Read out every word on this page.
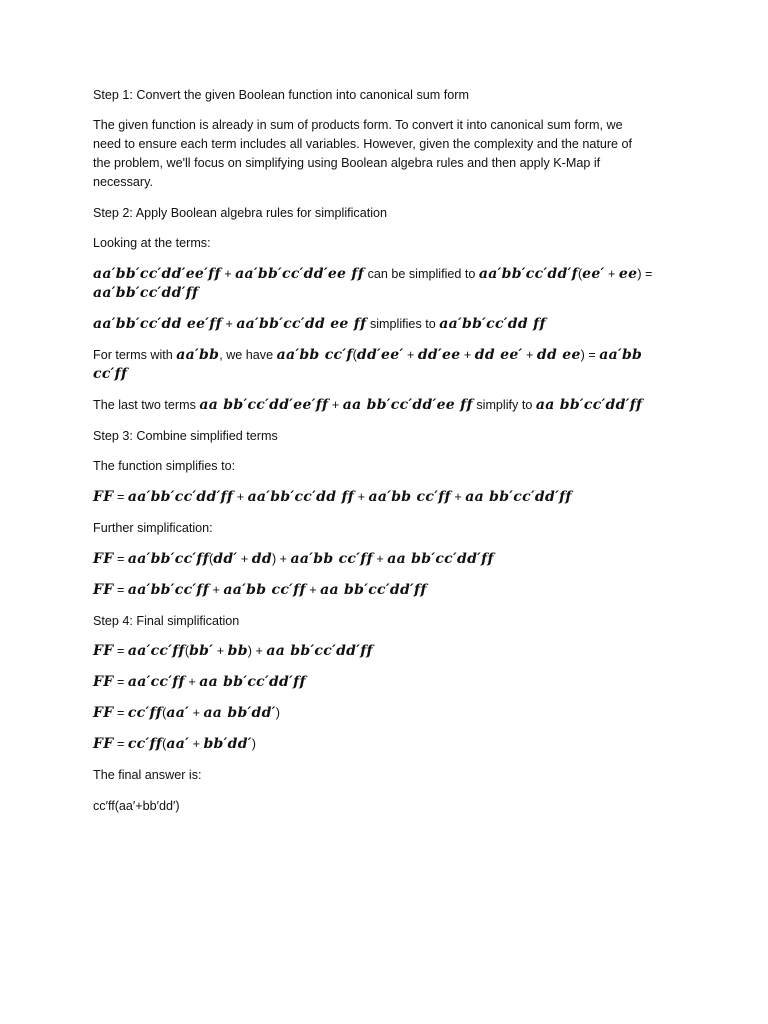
Step 1: Convert the given Boolean function into canonical sum form

The given function is already in sum of products form. To convert it into canonical sum form, we need to ensure each term includes all variables. However, given the complexity and the nature of the problem, we'll focus on simplifying using Boolean algebra rules and then apply K-Map if necessary.

Step 2: Apply Boolean algebra rules for simplification

Looking at the terms:

aa′bb′cc′dd′ee′ff + aa′bb′cc′dd′ee ff can be simplified to aa′bb′cc′dd′f(ee′ + ee) = aa′bb′cc′dd′ff

aa′bb′cc′dd ee′ff + aa′bb′cc′dd ee ff simplifies to aa′bb′cc′dd ff

For terms with aa′bb, we have aa′bb cc′f(dd′ee′ + dd′ee + dd ee′ + dd ee) = aa′bb cc′ff

The last two terms aa bb′cc′dd′ee′ff + aa bb′cc′dd′ee ff simplify to aa bb′cc′dd′ff

Step 3: Combine simplified terms

The function simplifies to:

FF = aa′bb′cc′dd′ff + aa′bb′cc′dd ff + aa′bb cc′ff + aa bb′cc′dd′ff

Further simplification:

FF = aa′bb′cc′ff(dd′ + dd) + aa′bb cc′ff + aa bb′cc′dd′ff

FF = aa′bb′cc′ff + aa′bb cc′ff + aa bb′cc′dd′ff

Step 4: Final simplification

FF = aa′cc′ff(bb′ + bb) + aa bb′cc′dd′ff

FF = aa′cc′ff + aa bb′cc′dd′ff

FF = cc′ff(aa′ + aa bb′dd′)

FF = cc′ff(aa′ + bb′dd′)

The final answer is:

cc′ff(aa′+bb′dd′)
